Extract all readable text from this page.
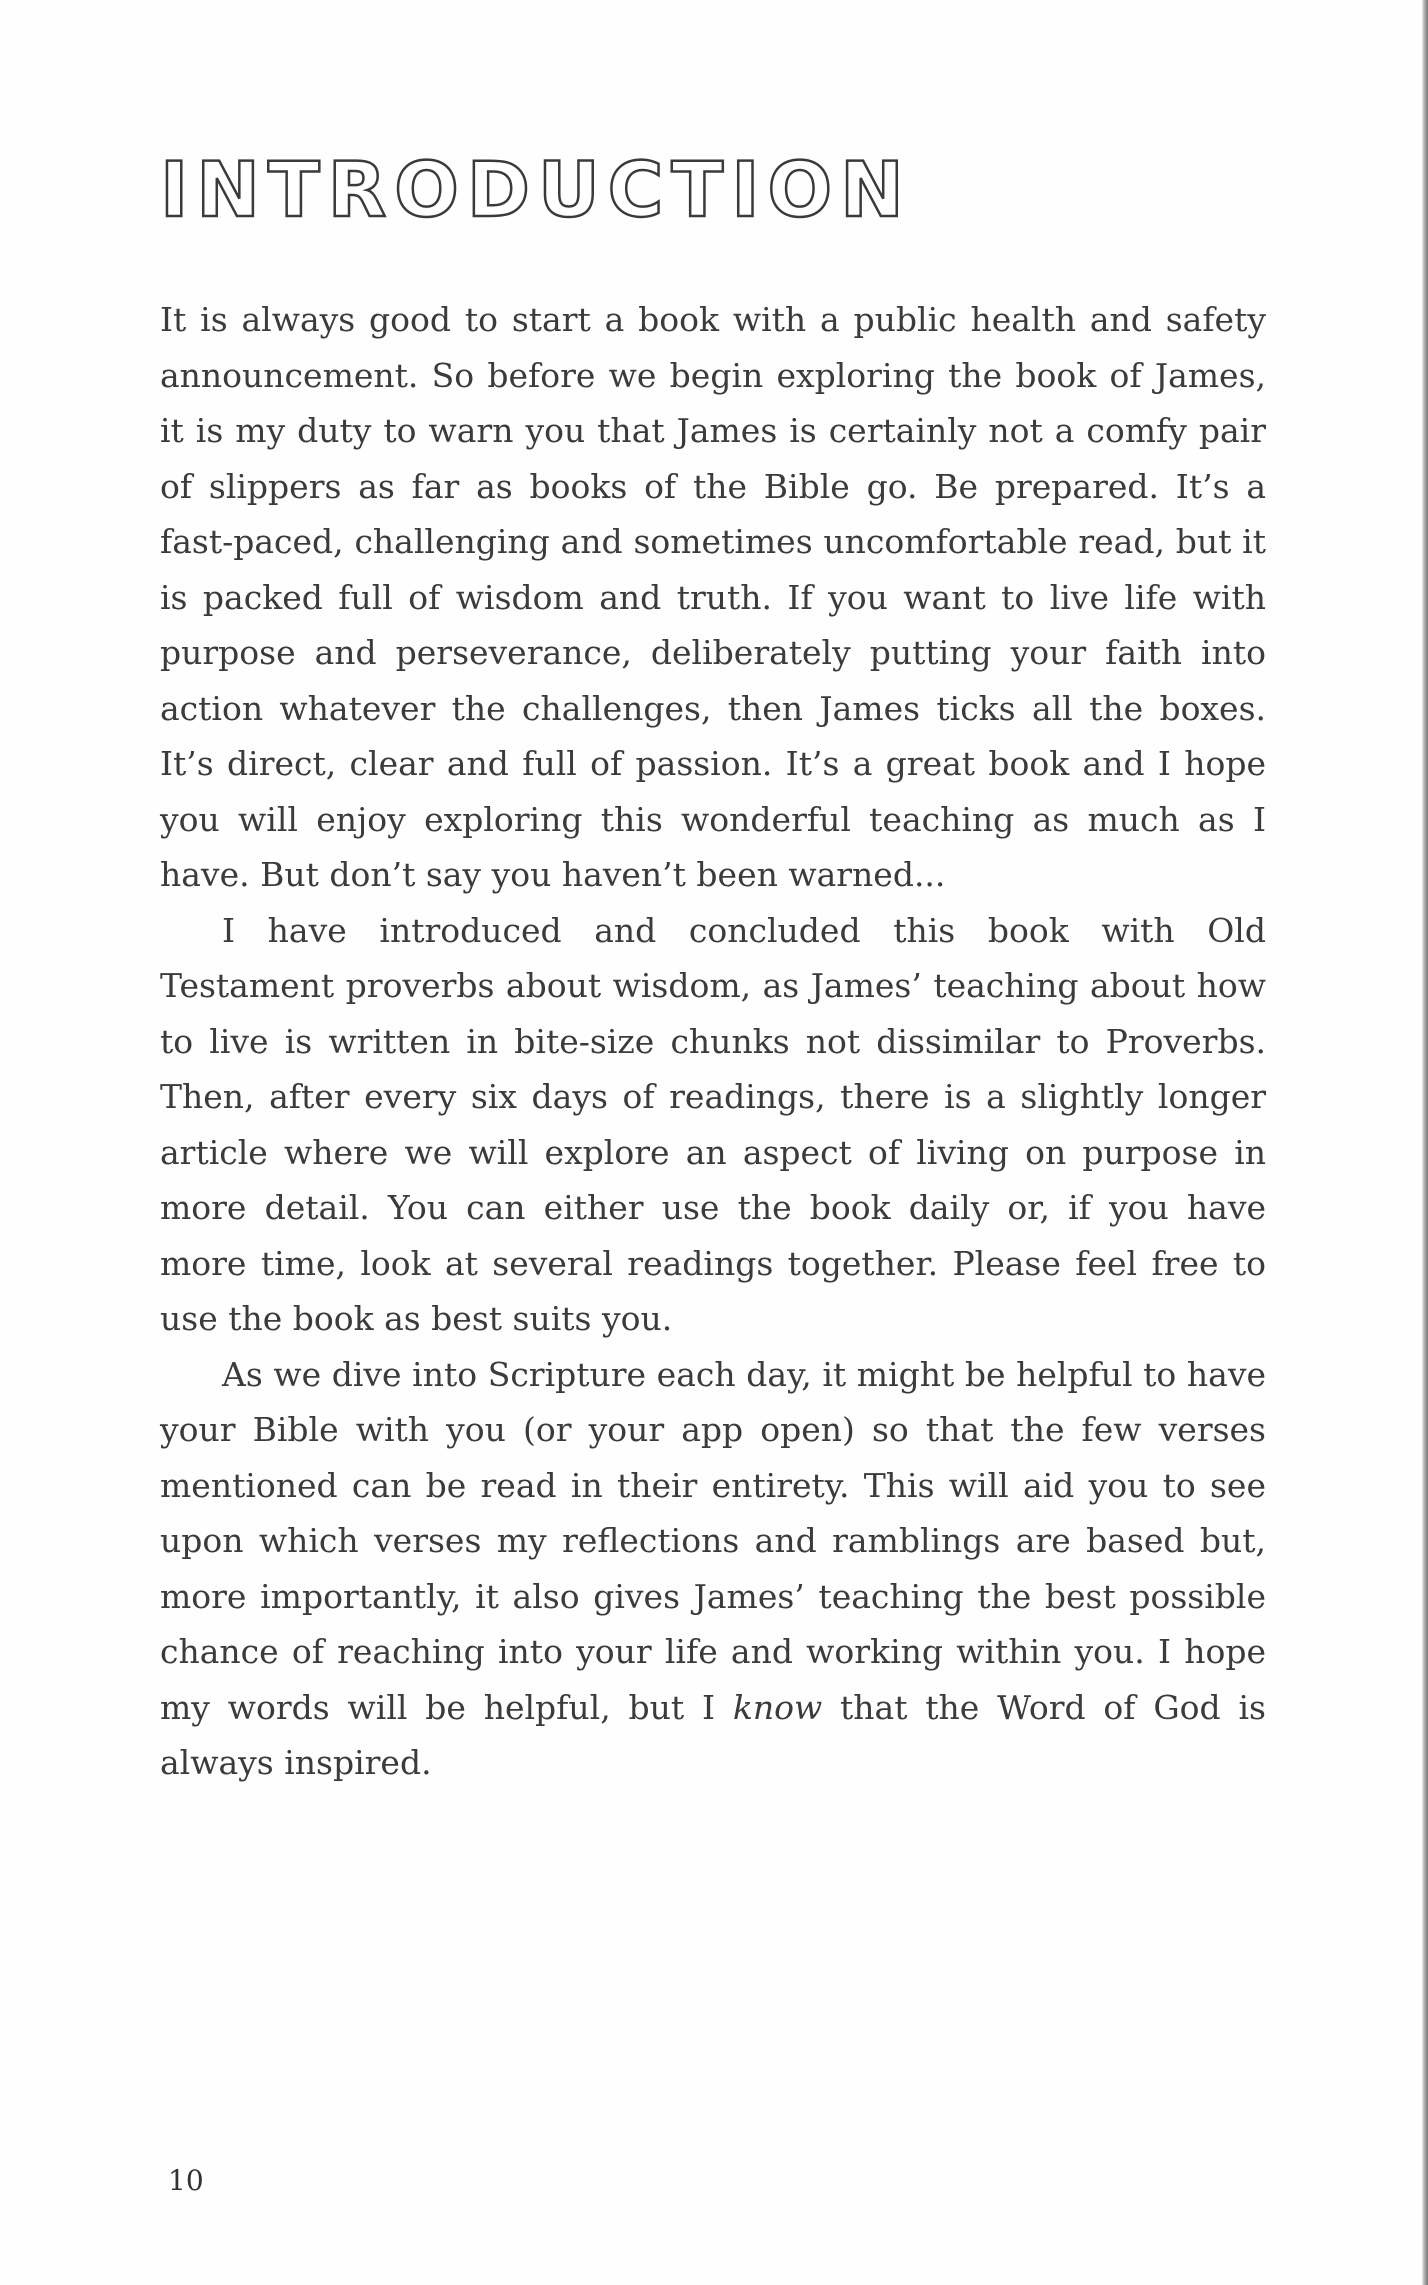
INTRODUCTION

It is always good to start a book with a public health and safety announcement. So before we begin exploring the book of James, it is my duty to warn you that James is certainly not a comfy pair of slippers as far as books of the Bible go. Be prepared. It’s a fast-paced, challenging and sometimes uncomfortable read, but it is packed full of wisdom and truth. If you want to live life with purpose and perseverance, deliberately putting your faith into action whatever the challenges, then James ticks all the boxes. It’s direct, clear and full of passion. It’s a great book and I hope you will enjoy exploring this wonderful teaching as much as I have. But don’t say you haven’t been warned...

I have introduced and concluded this book with Old Testament proverbs about wisdom, as James’ teaching about how to live is written in bite-size chunks not dissimilar to Proverbs. Then, after every six days of readings, there is a slightly longer article where we will explore an aspect of living on purpose in more detail. You can either use the book daily or, if you have more time, look at several readings together. Please feel free to use the book as best suits you.

As we dive into Scripture each day, it might be helpful to have your Bible with you (or your app open) so that the few verses mentioned can be read in their entirety. This will aid you to see upon which verses my reflections and ramblings are based but, more importantly, it also gives James’ teaching the best possible chance of reaching into your life and working within you. I hope my words will be helpful, but I know that the Word of God is always inspired.

10
